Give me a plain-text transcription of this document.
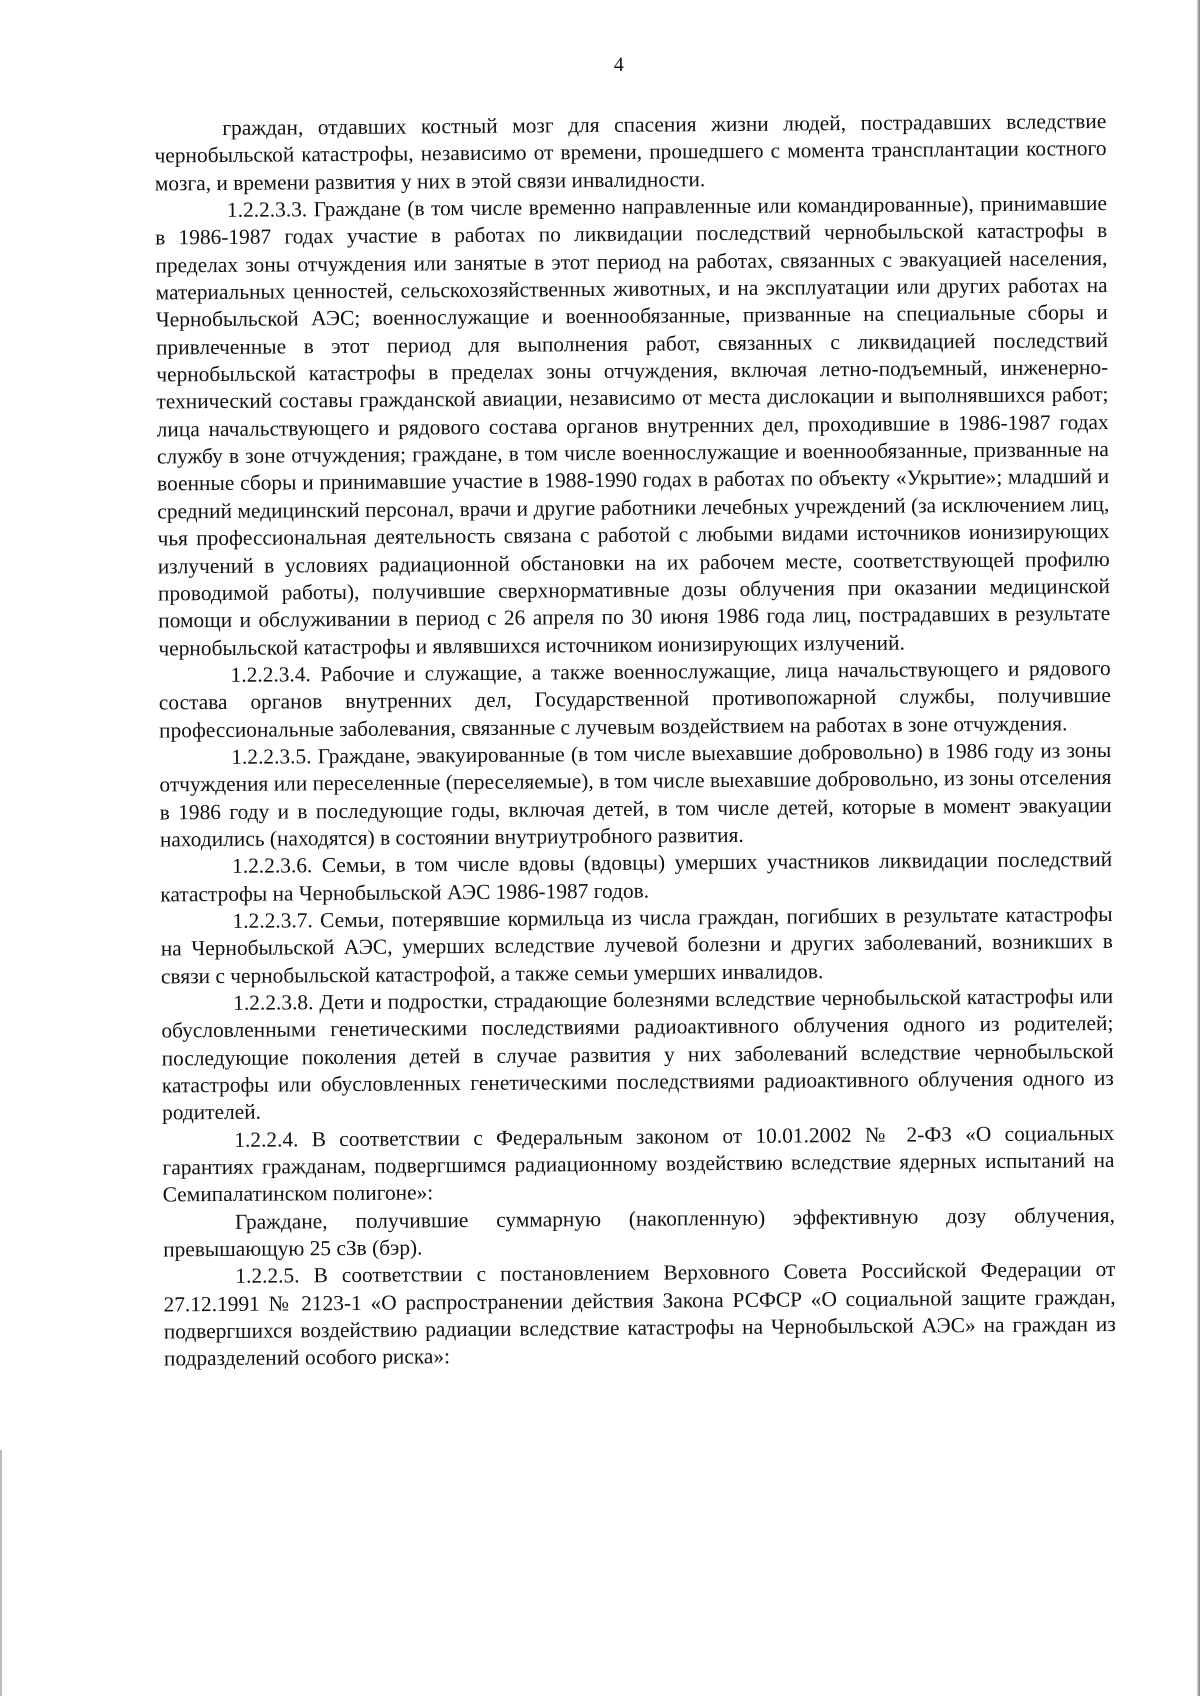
4

граждан, отдавших костный мозг для спасения жизни людей, пострадавших вследствие чернобыльской катастрофы, независимо от времени, прошедшего с момента трансплантации костного мозга, и времени развития у них в этой связи инвалидности.

1.2.2.3.3. Граждане (в том числе временно направленные или командированные), принимавшие в 1986-1987 годах участие в работах по ликвидации последствий чернобыльской катастрофы в пределах зоны отчуждения или занятые в этот период на работах, связанных с эвакуацией населения, материальных ценностей, сельскохозяйственных животных, и на эксплуатации или других работах на Чернобыльской АЭС; военнослужащие и военнообязанные, призванные на специальные сборы и привлеченные в этот период для выполнения работ, связанных с ликвидацией последствий чернобыльской катастрофы в пределах зоны отчуждения, включая летно-подъемный, инженерно-технический составы гражданской авиации, независимо от места дислокации и выполнявшихся работ; лица начальствующего и рядового состава органов внутренних дел, проходившие в 1986-1987 годах службу в зоне отчуждения; граждане, в том числе военнослужащие и военнообязанные, призванные на военные сборы и принимавшие участие в 1988-1990 годах в работах по объекту «Укрытие»; младший и средний медицинский персонал, врачи и другие работники лечебных учреждений (за исключением лиц, чья профессиональная деятельность связана с работой с любыми видами источников ионизирующих излучений в условиях радиационной обстановки на их рабочем месте, соответствующей профилю проводимой работы), получившие сверхнормативные дозы облучения при оказании медицинской помощи и обслуживании в период с 26 апреля по 30 июня 1986 года лиц, пострадавших в результате чернобыльской катастрофы и являвшихся источником ионизирующих излучений.

1.2.2.3.4. Рабочие и служащие, а также военнослужащие, лица начальствующего и рядового состава органов внутренних дел, Государственной противопожарной службы, получившие профессиональные заболевания, связанные с лучевым воздействием на работах в зоне отчуждения.

1.2.2.3.5. Граждане, эвакуированные (в том числе выехавшие добровольно) в 1986 году из зоны отчуждения или переселенные (переселяемые), в том числе выехавшие добровольно, из зоны отселения в 1986 году и в последующие годы, включая детей, в том числе детей, которые в момент эвакуации находились (находятся) в состоянии внутриутробного развития.

1.2.2.3.6. Семьи, в том числе вдовы (вдовцы) умерших участников ликвидации последствий катастрофы на Чернобыльской АЭС 1986-1987 годов.

1.2.2.3.7. Семьи, потерявшие кормильца из числа граждан, погибших в результате катастрофы на Чернобыльской АЭС, умерших вследствие лучевой болезни и других заболеваний, возникших в связи с чернобыльской катастрофой, а также семьи умерших инвалидов.

1.2.2.3.8. Дети и подростки, страдающие болезнями вследствие чернобыльской катастрофы или обусловленными генетическими последствиями радиоактивного облучения одного из родителей; последующие поколения детей в случае развития у них заболеваний вследствие чернобыльской катастрофы или обусловленных генетическими последствиями радиоактивного облучения одного из родителей.

1.2.2.4. В соответствии с Федеральным законом от 10.01.2002 № 2-ФЗ «О социальных гарантиях гражданам, подвергшимся радиационному воздействию вследствие ядерных испытаний на Семипалатинском полигоне»:

Граждане, получившие суммарную (накопленную) эффективную дозу облучения, превышающую 25 сЗв (бэр).

1.2.2.5. В соответствии с постановлением Верховного Совета Российской Федерации от 27.12.1991 № 2123-1 «О распространении действия Закона РСФСР «О социальной защите граждан, подвергшихся воздействию радиации вследствие катастрофы на Чернобыльской АЭС» на граждан из подразделений особого риска»:
